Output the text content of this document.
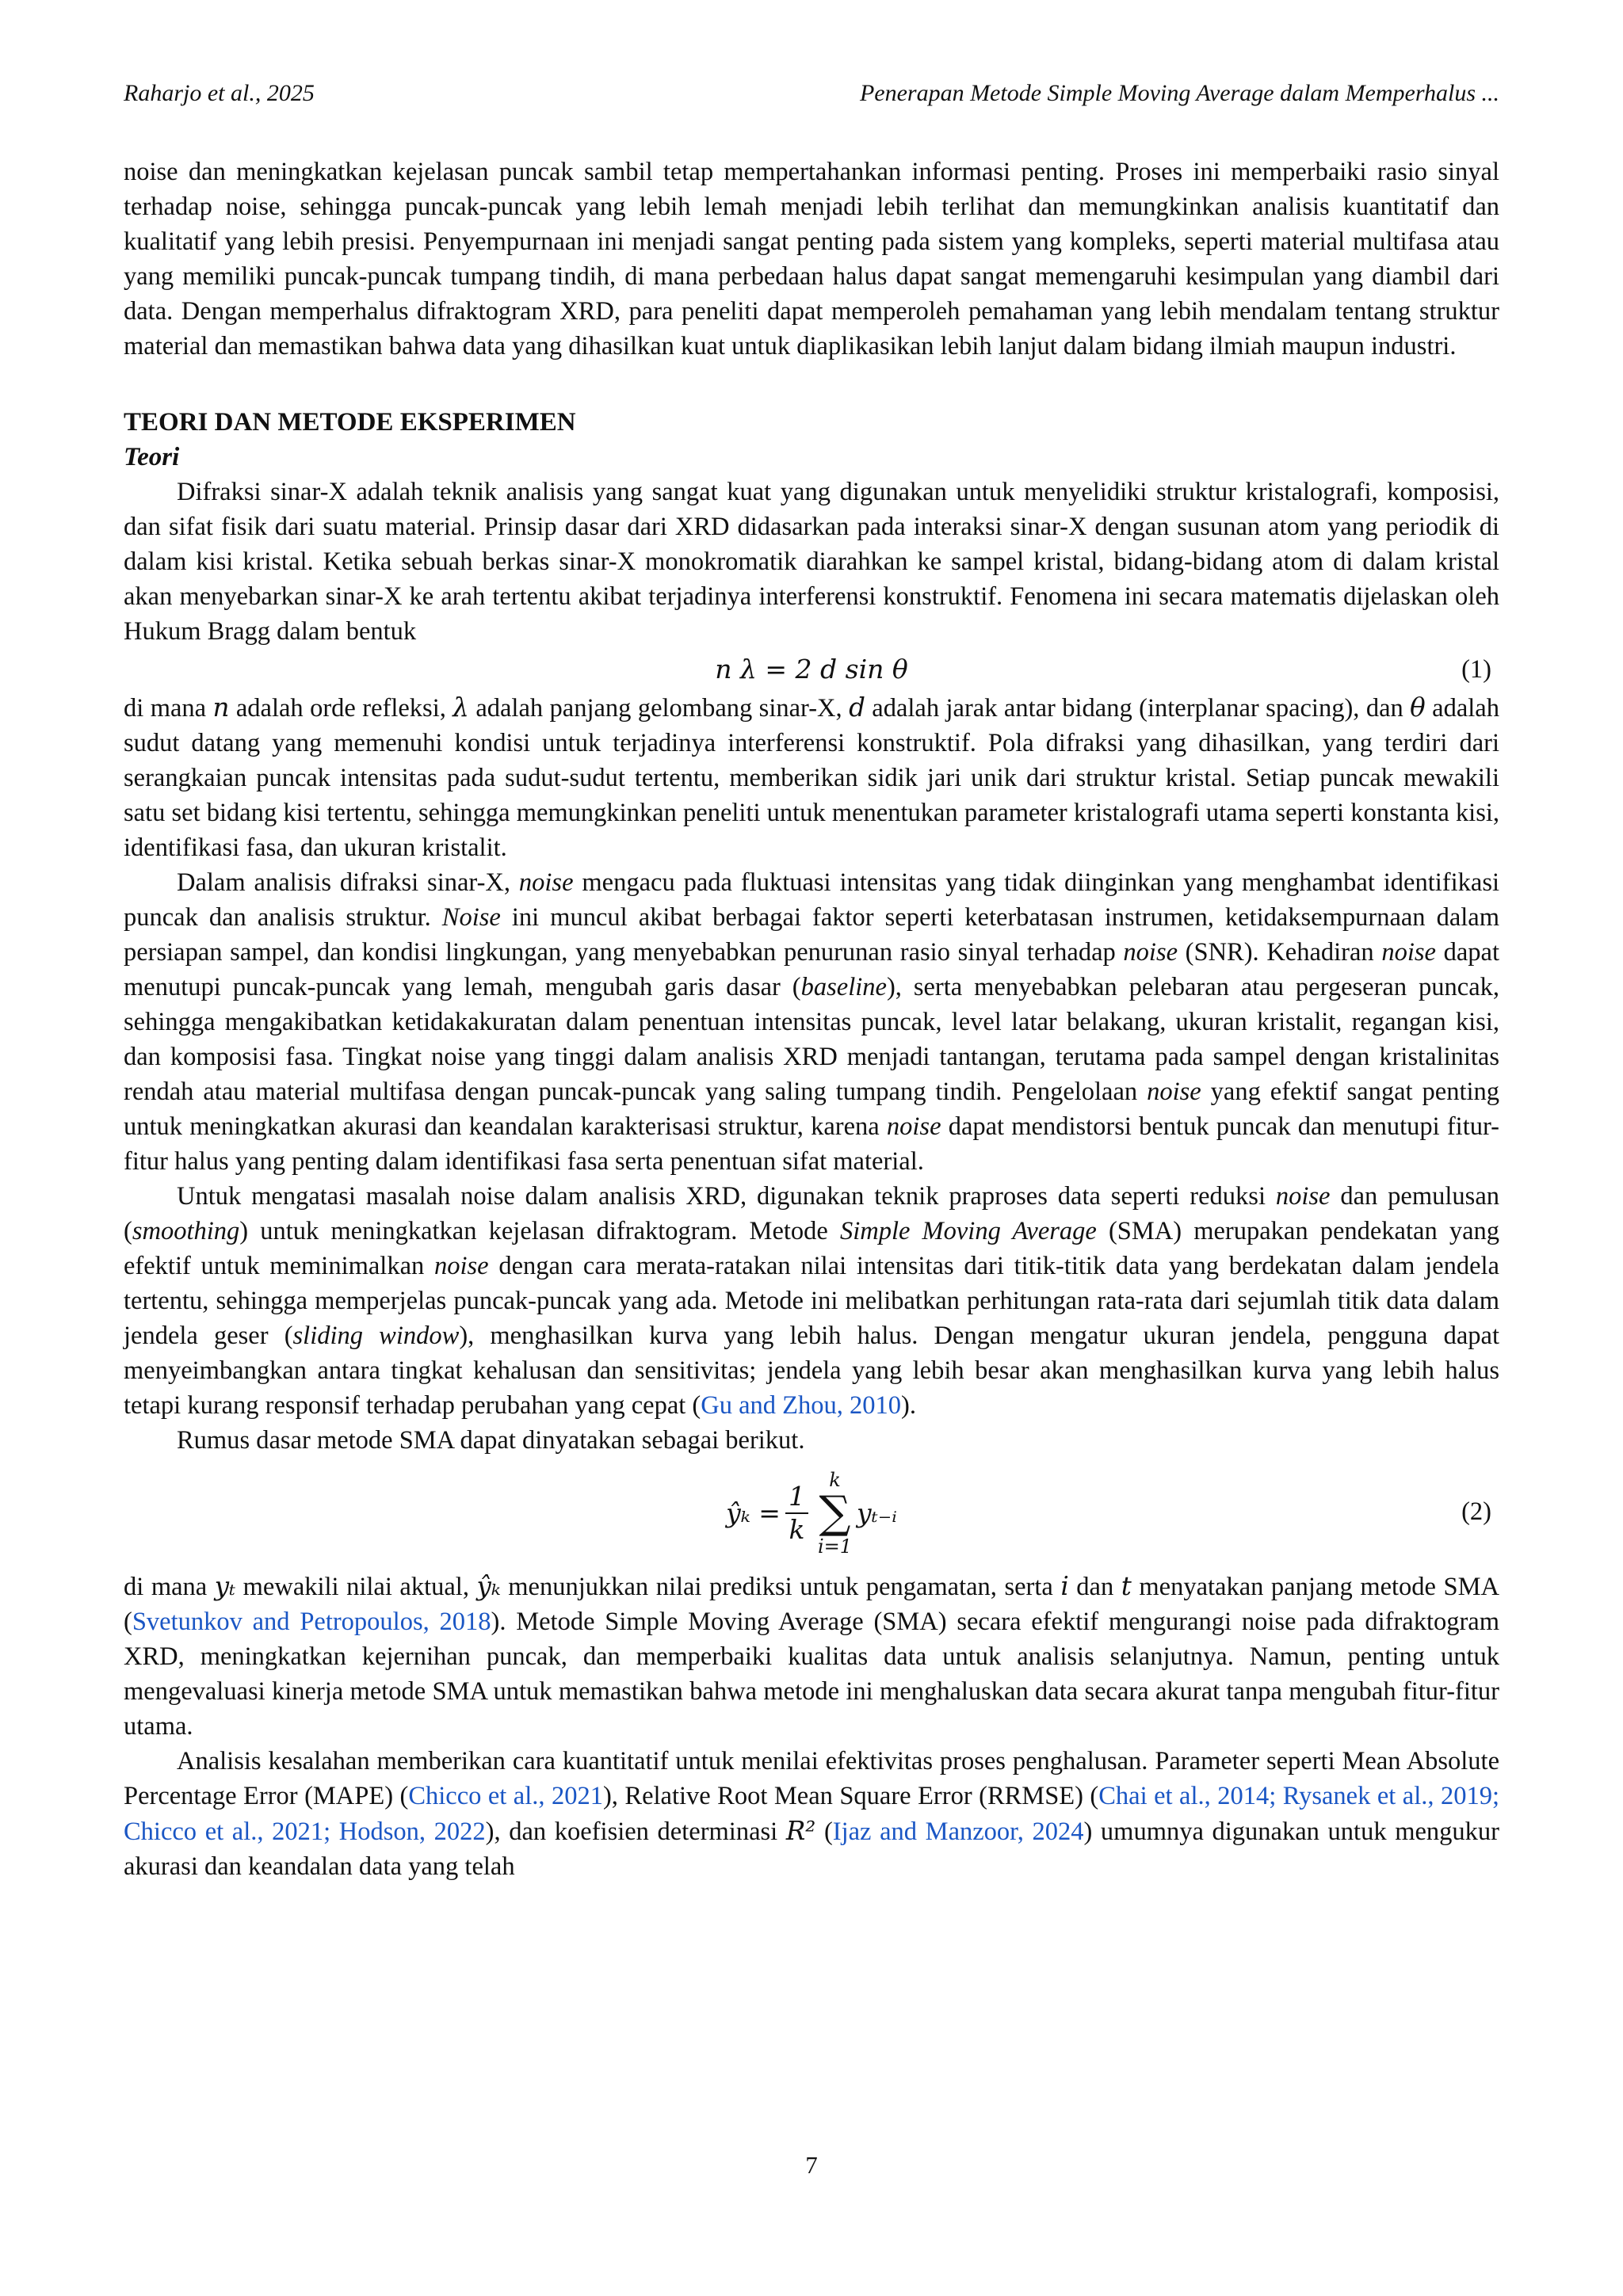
Raharjo et al., 2025	Penerapan Metode Simple Moving Average dalam Memperhalus ...

noise dan meningkatkan kejelasan puncak sambil tetap mempertahankan informasi penting. Proses ini memperbaiki rasio sinyal terhadap noise, sehingga puncak-puncak yang lebih lemah menjadi lebih terlihat dan memungkinkan analisis kuantitatif dan kualitatif yang lebih presisi. Penyempurnaan ini menjadi sangat penting pada sistem yang kompleks, seperti material multifasa atau yang memiliki puncak-puncak tumpang tindih, di mana perbedaan halus dapat sangat memengaruhi kesimpulan yang diambil dari data. Dengan memperhalus difraktogram XRD, para peneliti dapat memperoleh pemahaman yang lebih mendalam tentang struktur material dan memastikan bahwa data yang dihasilkan kuat untuk diaplikasikan lebih lanjut dalam bidang ilmiah maupun industri.

TEORI DAN METODE EKSPERIMEN
Teori

Difraksi sinar-X adalah teknik analisis yang sangat kuat yang digunakan untuk menyelidiki struktur kristalografi, komposisi, dan sifat fisik dari suatu material. Prinsip dasar dari XRD didasarkan pada interaksi sinar-X dengan susunan atom yang periodik di dalam kisi kristal. Ketika sebuah berkas sinar-X monokromatik diarahkan ke sampel kristal, bidang-bidang atom di dalam kristal akan menyebarkan sinar-X ke arah tertentu akibat terjadinya interferensi konstruktif. Fenomena ini secara matematis dijelaskan oleh Hukum Bragg dalam bentuk

n λ = 2 d sin θ	(1)

di mana n adalah orde refleksi, λ adalah panjang gelombang sinar-X, d adalah jarak antar bidang (interplanar spacing), dan θ adalah sudut datang yang memenuhi kondisi untuk terjadinya interferensi konstruktif. Pola difraksi yang dihasilkan, yang terdiri dari serangkaian puncak intensitas pada sudut-sudut tertentu, memberikan sidik jari unik dari struktur kristal. Setiap puncak mewakili satu set bidang kisi tertentu, sehingga memungkinkan peneliti untuk menentukan parameter kristalografi utama seperti konstanta kisi, identifikasi fasa, dan ukuran kristalit.

Dalam analisis difraksi sinar-X, noise mengacu pada fluktuasi intensitas yang tidak diinginkan yang menghambat identifikasi puncak dan analisis struktur. Noise ini muncul akibat berbagai faktor seperti keterbatasan instrumen, ketidaksempurnaan dalam persiapan sampel, dan kondisi lingkungan, yang menyebabkan penurunan rasio sinyal terhadap noise (SNR). Kehadiran noise dapat menutupi puncak-puncak yang lemah, mengubah garis dasar (baseline), serta menyebabkan pelebaran atau pergeseran puncak, sehingga mengakibatkan ketidakakuratan dalam penentuan intensitas puncak, level latar belakang, ukuran kristalit, regangan kisi, dan komposisi fasa. Tingkat noise yang tinggi dalam analisis XRD menjadi tantangan, terutama pada sampel dengan kristalinitas rendah atau material multifasa dengan puncak-puncak yang saling tumpang tindih. Pengelolaan noise yang efektif sangat penting untuk meningkatkan akurasi dan keandalan karakterisasi struktur, karena noise dapat mendistorsi bentuk puncak dan menutupi fitur-fitur halus yang penting dalam identifikasi fasa serta penentuan sifat material.

Untuk mengatasi masalah noise dalam analisis XRD, digunakan teknik praproses data seperti reduksi noise dan pemulusan (smoothing) untuk meningkatkan kejelasan difraktogram. Metode Simple Moving Average (SMA) merupakan pendekatan yang efektif untuk meminimalkan noise dengan cara merata-ratakan nilai intensitas dari titik-titik data yang berdekatan dalam jendela tertentu, sehingga memperjelas puncak-puncak yang ada. Metode ini melibatkan perhitungan rata-rata dari sejumlah titik data dalam jendela geser (sliding window), menghasilkan kurva yang lebih halus. Dengan mengatur ukuran jendela, pengguna dapat menyeimbangkan antara tingkat kehalusan dan sensitivitas; jendela yang lebih besar akan menghasilkan kurva yang lebih halus tetapi kurang responsif terhadap perubahan yang cepat (Gu and Zhou, 2010).

Rumus dasar metode SMA dapat dinyatakan sebagai berikut.

ŷₖ = $\frac{1}{k}$
k
∑
i=1
yₜ₋ᵢ	(2)

di mana yₜ mewakili nilai aktual, ŷₖ menunjukkan nilai prediksi untuk pengamatan, serta i dan t menyatakan panjang metode SMA (Svetunkov and Petropoulos, 2018). Metode Simple Moving Average (SMA) secara efektif mengurangi noise pada difraktogram XRD, meningkatkan kejernihan puncak, dan memperbaiki kualitas data untuk analisis selanjutnya. Namun, penting untuk mengevaluasi kinerja metode SMA untuk memastikan bahwa metode ini menghaluskan data secara akurat tanpa mengubah fitur-fitur utama.

Analisis kesalahan memberikan cara kuantitatif untuk menilai efektivitas proses penghalusan. Parameter seperti Mean Absolute Percentage Error (MAPE) (Chicco et al., 2021), Relative Root Mean Square Error (RRMSE) (Chai et al., 2014; Rysanek et al., 2019; Chicco et al., 2021; Hodson, 2022), dan koefisien determinasi R² (Ijaz and Manzoor, 2024) umumnya digunakan untuk mengukur akurasi dan keandalan data yang telah

7
